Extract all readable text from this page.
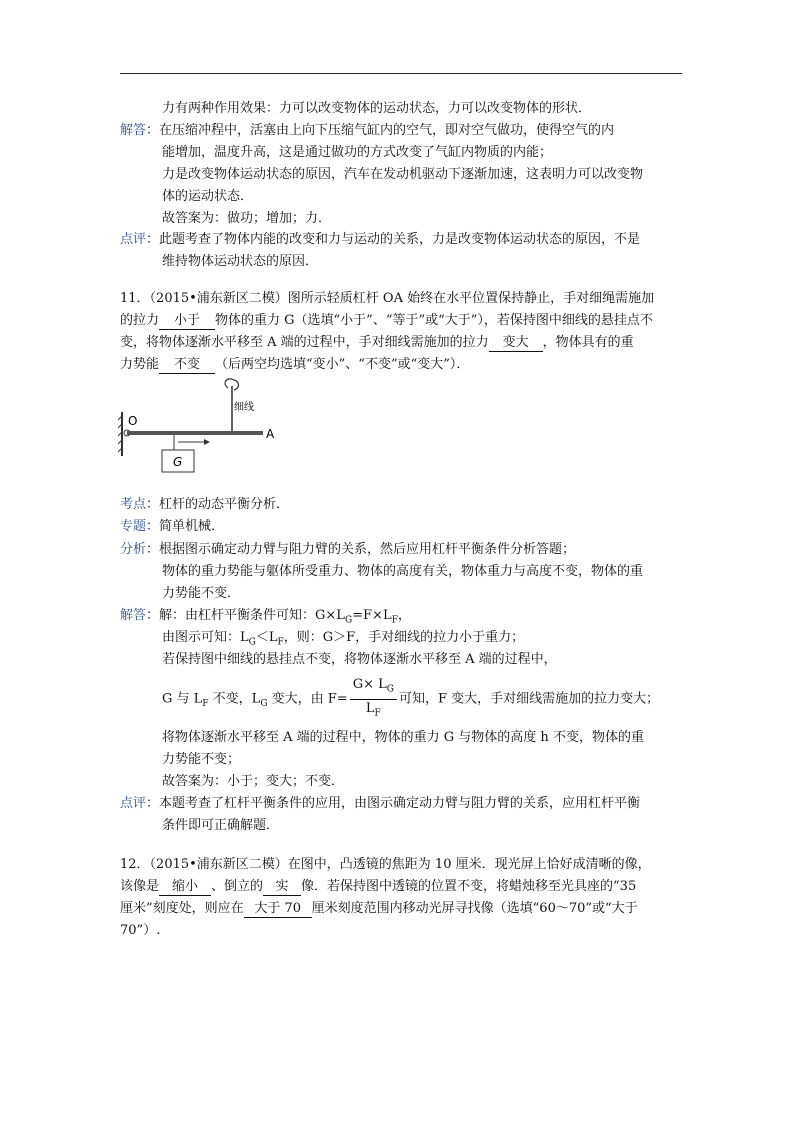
力有两种作用效果：力可以改变物体的运动状态，力可以改变物体的形状．
解答：在压缩冲程中，活塞由上向下压缩气缸内的空气，即对空气做功，使得空气的内
能增加，温度升高，这是通过做功的方式改变了气缸内物质的内能；
力是改变物体运动状态的原因，汽车在发动机驱动下逐渐加速，这表明力可以改变物
体的运动状态．
故答案为：做功；增加；力．
点评：此题考查了物体内能的改变和力与运动的关系，力是改变物体运动状态的原因，不是
维持物体运动状态的原因．
11．（2015•浦东新区二模）图所示轻质杠杆 OA 始终在水平位置保持静止，手对细绳需施加
的拉力 小于 物体的重力 G（选填“小于”、“等于”或“大于”），若保持图中细线的悬挂点不
变，将物体逐渐水平移至 A 端的过程中，手对细线需施加的拉力 变大 ，物体具有的重
力势能 不变 （后两空均选填“变小”、“不变”或“变大”）．
O
A
细线
G
考点：杠杆的动态平衡分析．
专题：简单机械．
分析：根据图示确定动力臂与阻力臂的关系，然后应用杠杆平衡条件分析答题；
物体的重力势能与躯体所受重力、物体的高度有关，物体重力与高度不变，物体的重
力势能不变．
解答：解：由杠杆平衡条件可知：$G\times L_G=F\times L_F$，
由图示可知：$L_G<L_F$，则：G＞F，手对细线的拉力小于重力；
若保持图中细线的悬挂点不变，将物体逐渐水平移至 A 端的过程中，
G 与 $L_F$ 不变，$L_G$ 变大，由 $F= \frac{G\times L_G}{L_F}$ 可知，F 变大，手对细线需施加的拉力变大；
将物体逐渐水平移至 A 端的过程中，物体的重力 G 与物体的高度 h 不变，物体的重
力势能不变；
故答案为：小于；变大；不变．
点评：本题考查了杠杆平衡条件的应用，由图示确定动力臂与阻力臂的关系，应用杠杆平衡
条件即可正确解题．
12．（2015•浦东新区二模）在图中，凸透镜的焦距为 10 厘米．现光屏上恰好成清晰的像，
该像是 缩小 、倒立的 实 像．若保持图中透镜的位置不变，将蜡烛移至光具座的“35
厘米”刻度处，则应在 大于 70 厘米刻度范围内移动光屏寻找像（选填“60～70”或“大于
70”）.
